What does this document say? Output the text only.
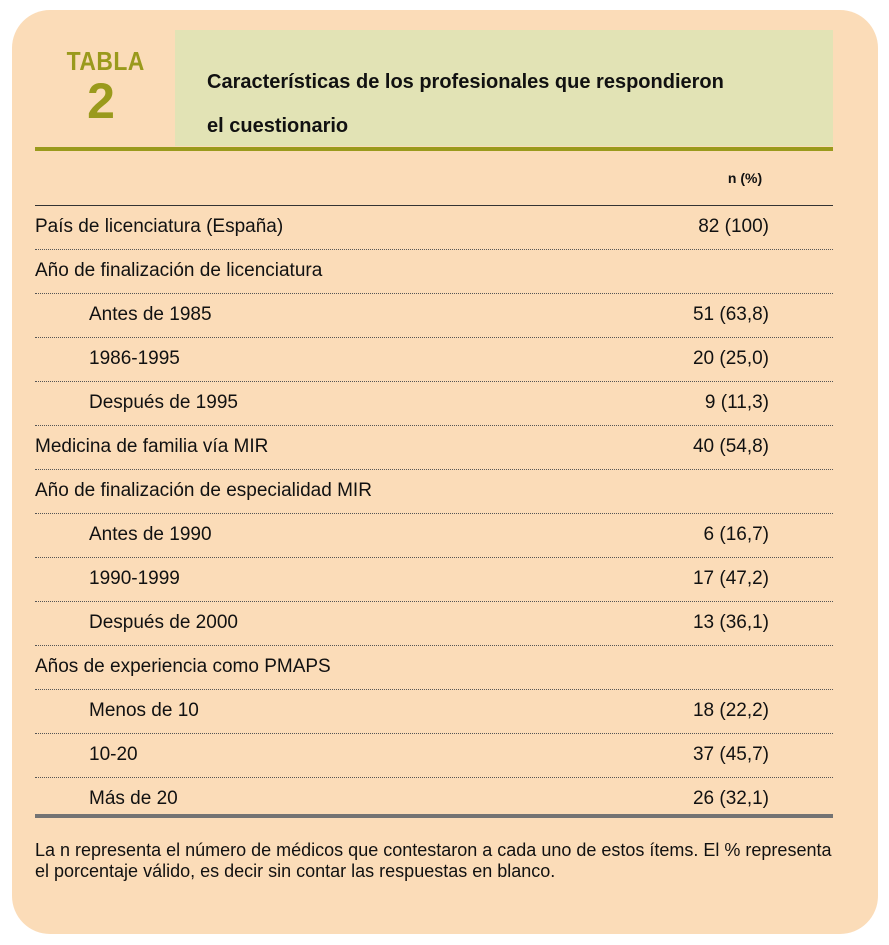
TABLA
2	Características de los profesionales que respondieron
el cuestionario
n (%)
País de licenciatura (España)	82 (100)
Año de finalización de licenciatura
Antes de 1985	51 (63,8)
1986-1995	20 (25,0)
Después de 1995	9 (11,3)
Medicina de familia vía MIR	40 (54,8)
Año de finalización de especialidad MIR
Antes de 1990	6 (16,7)
1990-1999	17 (47,2)
Después de 2000	13 (36,1)
Años de experiencia como PMAPS
Menos de 10	18 (22,2)
10-20	37 (45,7)
Más de 20	26 (32,1)
La n representa el número de médicos que contestaron a cada uno de estos ítems. El % representa el porcentaje válido, es decir sin contar las respuestas en blanco.
